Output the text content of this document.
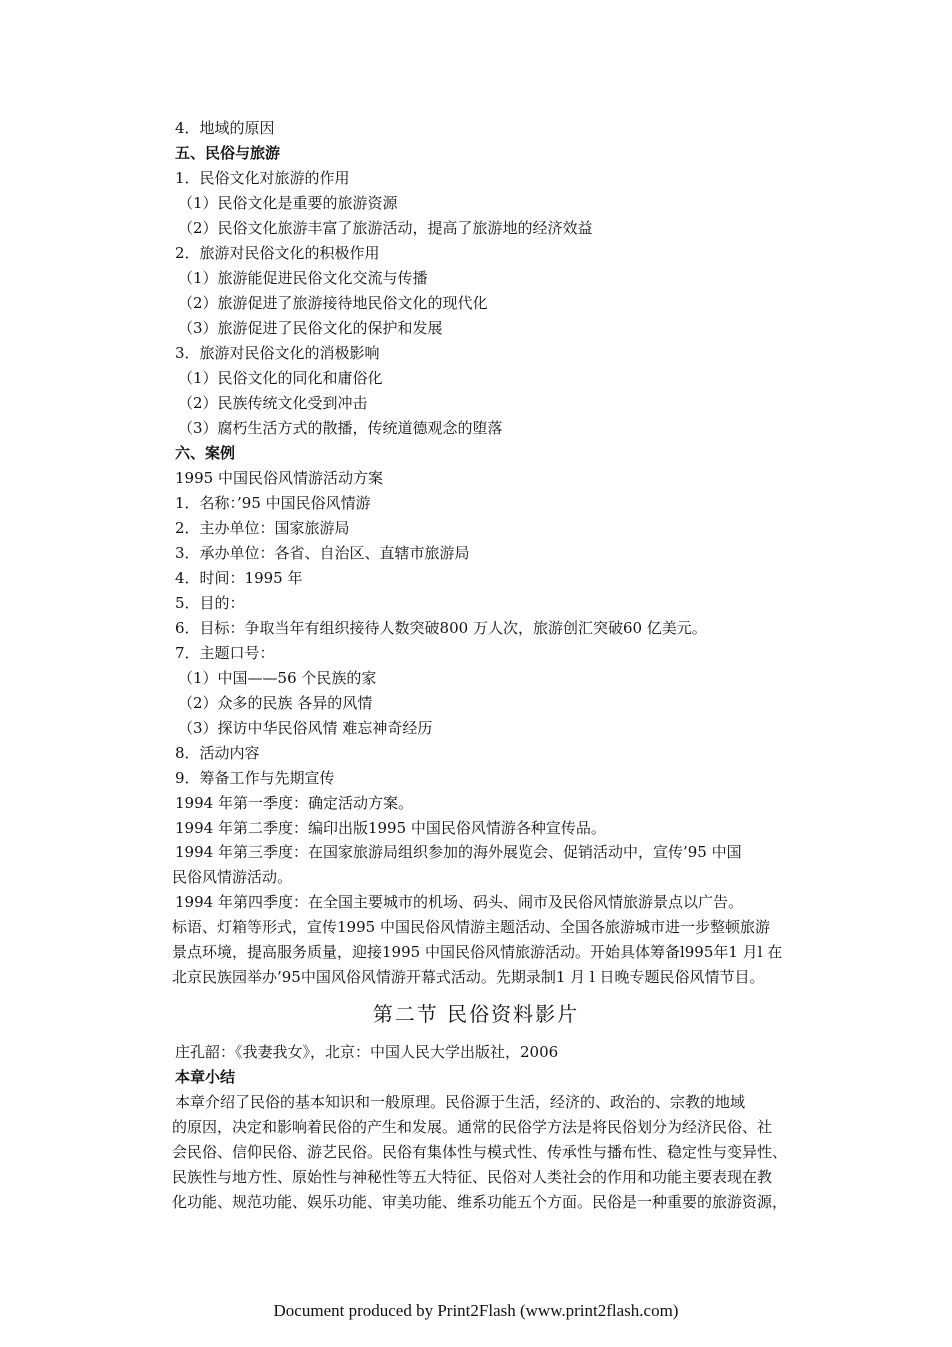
4．地域的原因
五、民俗与旅游
1．民俗文化对旅游的作用
（1）民俗文化是重要的旅游资源
（2）民俗文化旅游丰富了旅游活动，提高了旅游地的经济效益
2．旅游对民俗文化的积极作用
（1）旅游能促进民俗文化交流与传播
（2）旅游促进了旅游接待地民俗文化的现代化
（3）旅游促进了民俗文化的保护和发展
3．旅游对民俗文化的消极影响
（1）民俗文化的同化和庸俗化
（2）民族传统文化受到冲击
（3）腐朽生活方式的散播，传统道德观念的堕落
六、案例
1995 中国民俗风情游活动方案
1．名称：’95 中国民俗风情游
2．主办单位：国家旅游局
3．承办单位：各省、自治区、直辖市旅游局
4．时间：1995 年
5．目的：
6．目标：争取当年有组织接待人数突破800 万人次，旅游创汇突破60 亿美元。
7．主题口号：
（1）中国——56 个民族的家
（2）众多的民族 各异的风情
（3）探访中华民俗风情 难忘神奇经历
8．活动内容
9．筹备工作与先期宣传
1994 年第一季度：确定活动方案。
1994 年第二季度：编印出版1995 中国民俗风情游各种宣传品。
1994 年第三季度：在国家旅游局组织参加的海外展览会、促销活动中，宣传’95 中国
民俗风情游活动。
1994 年第四季度：在全国主要城市的机场、码头、闹市及民俗风情旅游景点以广告。
标语、灯箱等形式，宣传1995 中国民俗风情游主题活动、全国各旅游城市进一步整顿旅游
景点环境，提高服务质量，迎接1995 中国民俗风情旅游活动。开始具体筹备l995年1 月l 在
北京民族园举办’95中国风俗风情游开幕式活动。先期录制1 月 l 日晚专题民俗风情节目。
第二节 民俗资料影片
庄孔韶：《我妻我女》，北京：中国人民大学出版社，2006
本章小结
本章介绍了民俗的基本知识和一般原理。民俗源于生活，经济的、政治的、宗教的地域
的原因，决定和影响着民俗的产生和发展。通常的民俗学方法是将民俗划分为经济民俗、社
会民俗、信仰民俗、游艺民俗。民俗有集体性与模式性、传承性与播布性、稳定性与变异性、
民族性与地方性、原始性与神秘性等五大特征、民俗对人类社会的作用和功能主要表现在教
化功能、规范功能、娱乐功能、审美功能、维系功能五个方面。民俗是一种重要的旅游资源，
Document produced by Print2Flash (www.print2flash.com)
